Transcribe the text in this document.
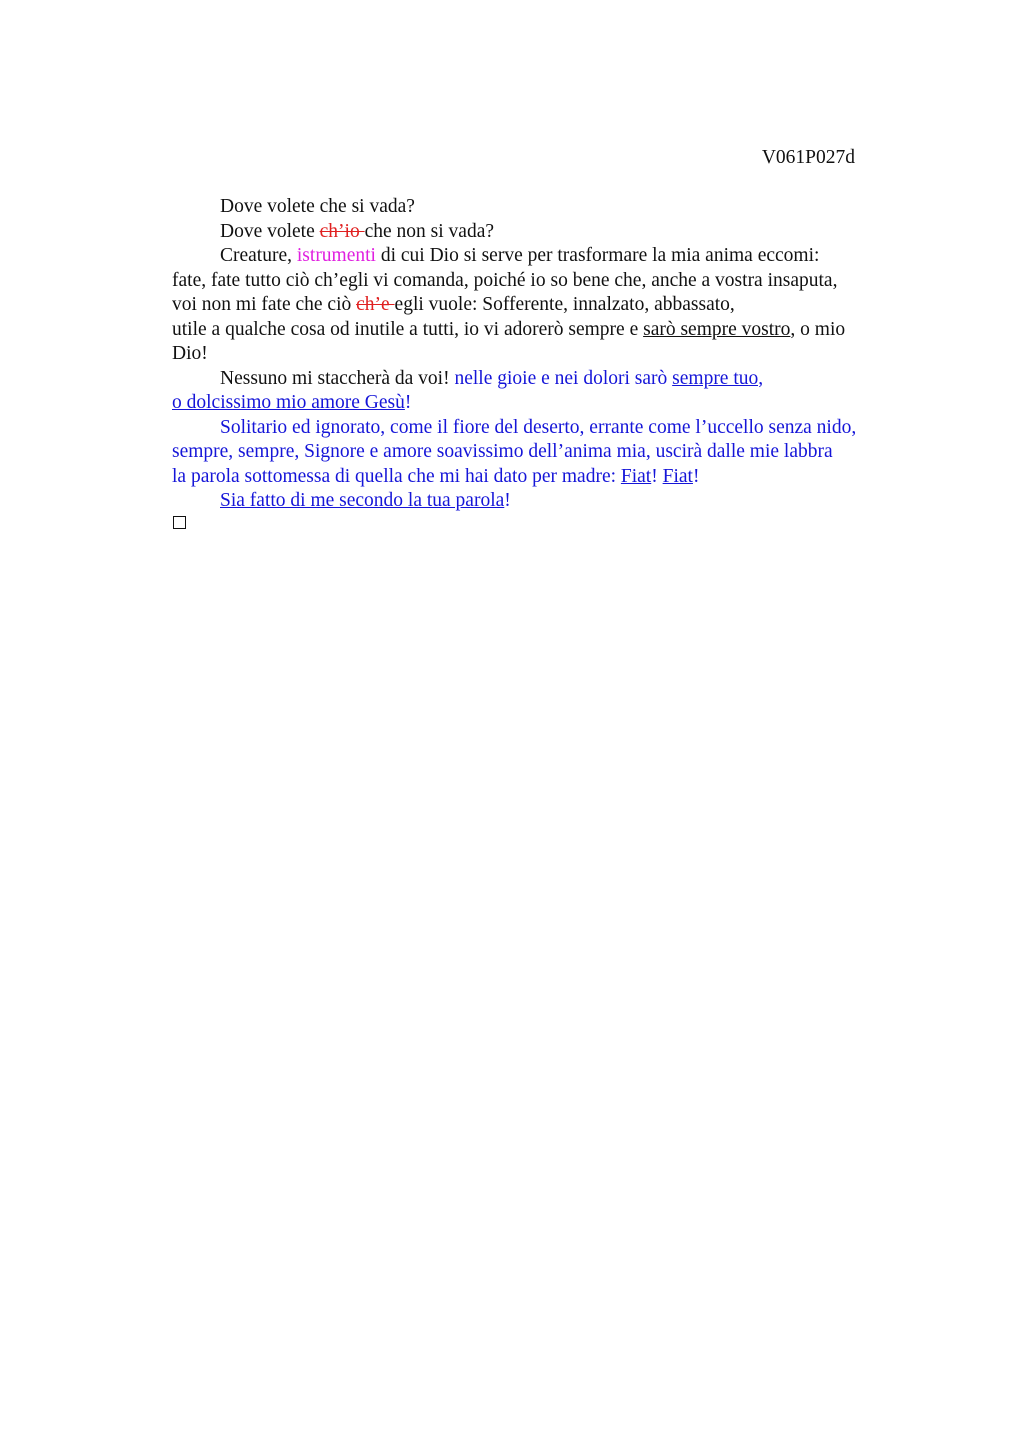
V061P027d
Dove volete che si vada?
Dove volete ch’io che non si vada?
Creature, istrumenti di cui Dio si serve per trasformare la mia anima eccomi:
fate, fate tutto ciò ch’egli vi comanda, poiché io so bene che, anche a vostra insaputa,
voi non mi fate che ciò ch’e egli vuole: Sofferente, innalzato, abbassato,
utile a qualche cosa od inutile a tutti, io vi adorerò sempre e sarò sempre vostro, o mio
Dio!
Nessuno mi staccherà da voi! nelle gioie e nei dolori sarò sempre tuo,
o dolcissimo mio amore Gesù!
Solitario ed ignorato, come il fiore del deserto, errante come l’uccello senza nido,
sempre, sempre, Signore e amore soavissimo dell’anima mia, uscirà dalle mie labbra
la parola sottomessa di quella che mi hai dato per madre: Fiat! Fiat!
Sia fatto di me secondo la tua parola!
